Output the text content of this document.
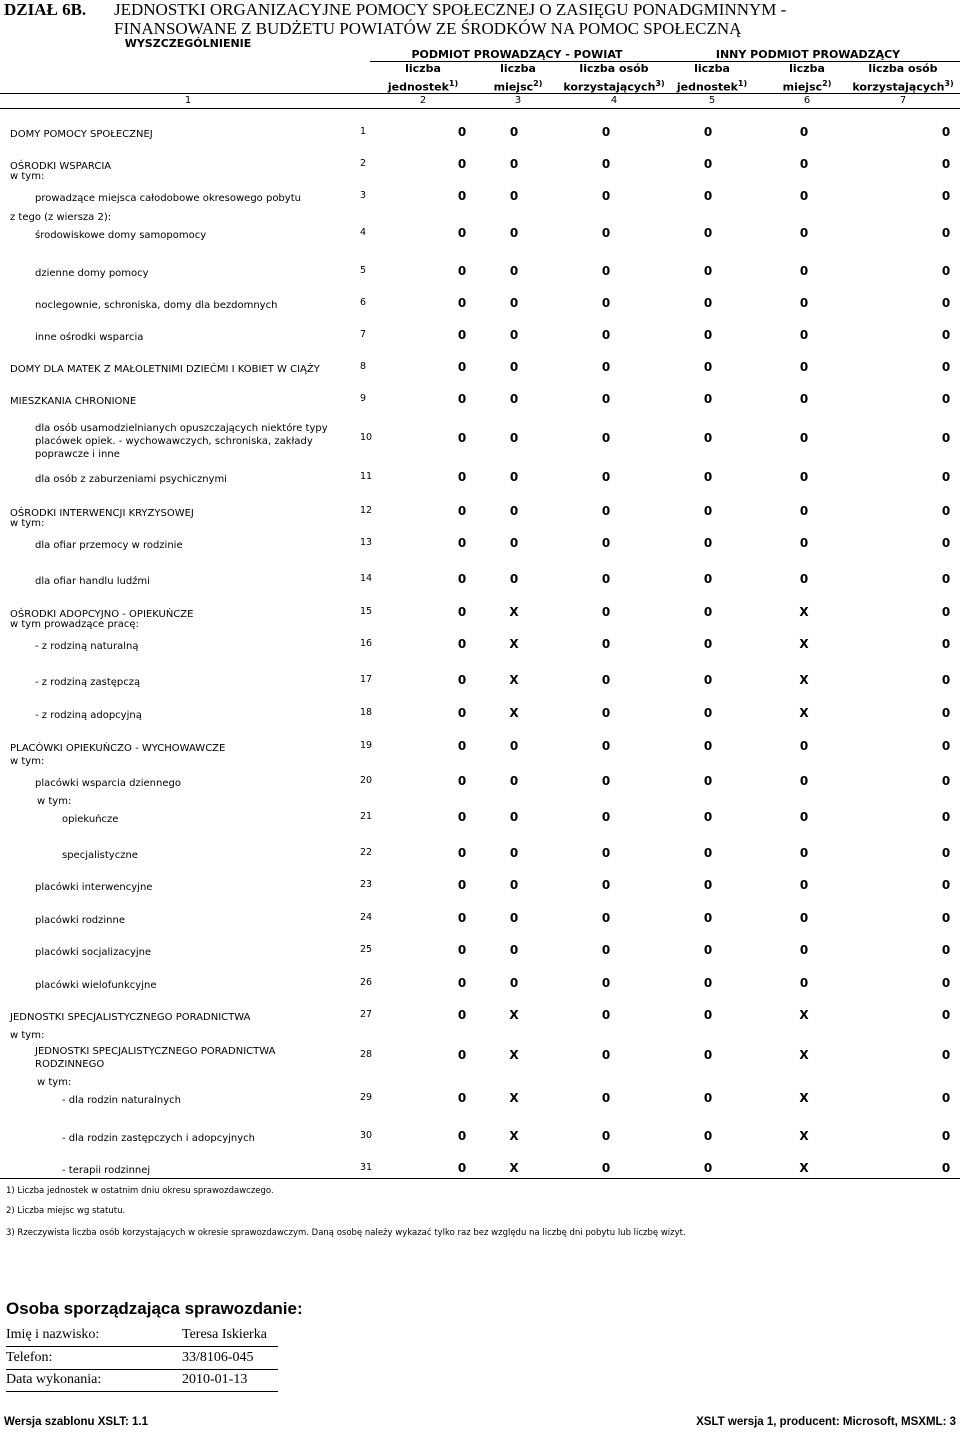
DZIAŁ 6B. JEDNOSTKI ORGANIZACYJNE POMOCY SPOŁECZNEJ O ZASIĘGU PONADGMINNYM -
FINANSOWANE Z BUDŻETU POWIATÓW ZE ŚRODKÓW NA POMOC SPOŁECZNĄ
WYSZCZEGÓLNIENIE
PODMIOT PROWADZĄCY - POWIAT	INNY PODMIOT PROWADZĄCY
liczba
jednostek$^{1)}$
liczba
miejsc$^{2)}$
liczba osób
korzystających$^{3)}$
liczba
jednostek$^{1)}$
liczba
miejsc$^{2)}$
liczba osób
korzystających$^{3)}$
1	2	3	4	5	6	7
DOMY POMOCY SPOŁECZNEJ	1	0	0	0	0	0	0
OŚRODKI WSPARCIA	2	0	0	0	0	0	0
w tym:
prowadzące miejsca całodobowe okresowego pobytu	3	0	0	0	0	0	0
z tego (z wiersza 2):
środowiskowe domy samopomocy	4	0	0	0	0	0	0
dzienne domy pomocy	5	0	0	0	0	0	0
noclegownie, schroniska, domy dla bezdomnych	6	0	0	0	0	0	0
inne ośrodki wsparcia	7	0	0	0	0	0	0
DOMY DLA MATEK Z MAŁOLETNIMI DZIEĆMI I KOBIET W CIĄŻY	8	0	0	0	0	0	0
MIESZKANIA CHRONIONE	9	0	0	0	0	0	0
dla osób usamodzielnianych opuszczających niektóre typy placówek opiek. - wychowawczych, schroniska, zakłady poprawcze i inne
10	0	0	0	0	0	0
dla osób z zaburzeniami psychicznymi	11	0	0	0	0	0	0
OŚRODKI INTERWENCJI KRYZYSOWEJ	12	0	0	0	0	0	0
w tym:
dla ofiar przemocy w rodzinie	13	0	0	0	0	0	0
dla ofiar handlu ludźmi	14	0	0	0	0	0	0
OŚRODKI ADOPCYJNO - OPIEKUŃCZE	15	0	X	0	0	X	0
w tym prowadzące pracę:
- z rodziną naturalną	16	0	X	0	0	X	0
- z rodziną zastępczą	17	0	X	0	0	X	0
- z rodziną adopcyjną	18	0	X	0	0	X	0
PLACÓWKI OPIEKUŃCZO - WYCHOWAWCZE	19	0	0	0	0	0	0
w tym:
placówki wsparcia dziennego	20	0	0	0	0	0	0
w tym:
opiekuńcze	21	0	0	0	0	0	0
specjalistyczne	22	0	0	0	0	0	0
placówki interwencyjne	23	0	0	0	0	0	0
placówki rodzinne	24	0	0	0	0	0	0
placówki socjalizacyjne	25	0	0	0	0	0	0
placówki wielofunkcyjne	26	0	0	0	0	0	0
JEDNOSTKI SPECJALISTYCZNEGO PORADNICTWA	27	0	X	0	0	X	0
w tym:
JEDNOSTKI SPECJALISTYCZNEGO PORADNICTWA RODZINNEGO
28	0	X	0	0	X	0
w tym:
- dla rodzin naturalnych	29	0	X	0	0	X	0
- dla rodzin zastępczych i adopcyjnych	30	0	X	0	0	X	0
- terapii rodzinnej	31	0	X	0	0	X	0
1) Liczba jednostek w ostatnim dniu okresu sprawozdawczego.
2) Liczba miejsc wg statutu.
3) Rzeczywista liczba osób korzystających w okresie sprawozdawczym. Daną osobę należy wykazać tylko raz bez względu na liczbę dni pobytu lub liczbę wizyt.
Osoba sporządzająca sprawozdanie:
Imię i nazwisko:	Teresa Iskierka
Telefon:	33/8106-045
Data wykonania:	2010-01-13
Wersja szablonu XSLT: 1.1	XSLT wersja 1, producent: Microsoft, MSXML: 3
